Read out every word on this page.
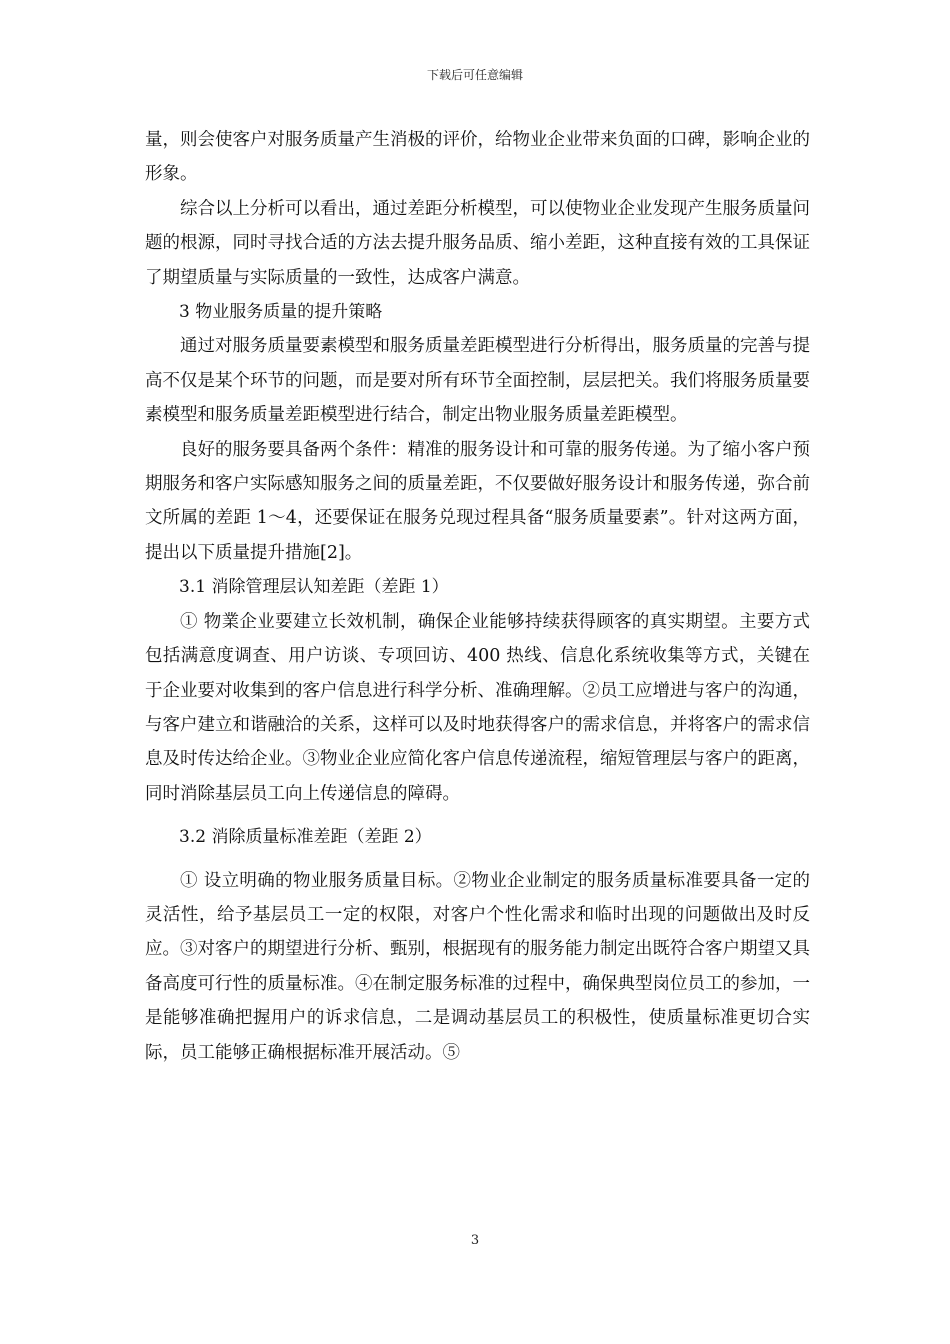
下载后可任意编辑

量，则会使客户对服务质量产生消极的评价，给物业企业带来负面的口碑，影响企业的形象。

综合以上分析可以看出，通过差距分析模型，可以使物业企业发现产生服务质量问题的根源，同时寻找合适的方法去提升服务品质、缩小差距，这种直接有效的工具保证了期望质量与实际质量的一致性，达成客户满意。

3 物业服务质量的提升策略

通过对服务质量要素模型和服务质量差距模型进行分析得出，服务质量的完善与提高不仅是某个环节的问题，而是要对所有环节全面控制，层层把关。我们将服务质量要素模型和服务质量差距模型进行结合，制定出物业服务质量差距模型。

良好的服务要具备两个条件：精准的服务设计和可靠的服务传递。为了缩小客户预期服务和客户实际感知服务之间的质量差距，不仅要做好服务设计和服务传递，弥合前文所属的差距 1～4，还要保证在服务兑现过程具备“服务质量要素”。针对这两方面，提出以下质量提升措施[2]。

3.1 消除管理层认知差距（差距 1）

① 物業企业要建立长效机制，确保企业能够持续获得顾客的真实期望。主要方式包括满意度调查、用户访谈、专项回访、400 热线、信息化系统收集等方式，关键在于企业要对收集到的客户信息进行科学分析、准确理解。②员工应增进与客户的沟通，与客户建立和谐融洽的关系，这样可以及时地获得客户的需求信息，并将客户的需求信息及时传达给企业。③物业企业应简化客户信息传递流程，缩短管理层与客户的距离，同时消除基层员工向上传递信息的障碍。

3.2 消除质量标准差距（差距 2）

① 设立明确的物业服务质量目标。②物业企业制定的服务质量标准要具备一定的灵活性，给予基层员工一定的权限，对客户个性化需求和临时出现的问题做出及时反应。③对客户的期望进行分析、甄别，根据现有的服务能力制定出既符合客户期望又具备高度可行性的质量标准。④在制定服务标准的过程中，确保典型岗位员工的参加，一是能够准确把握用户的诉求信息，二是调动基层员工的积极性，使质量标准更切合实际，员工能够正确根据标准开展活动。⑤

3
